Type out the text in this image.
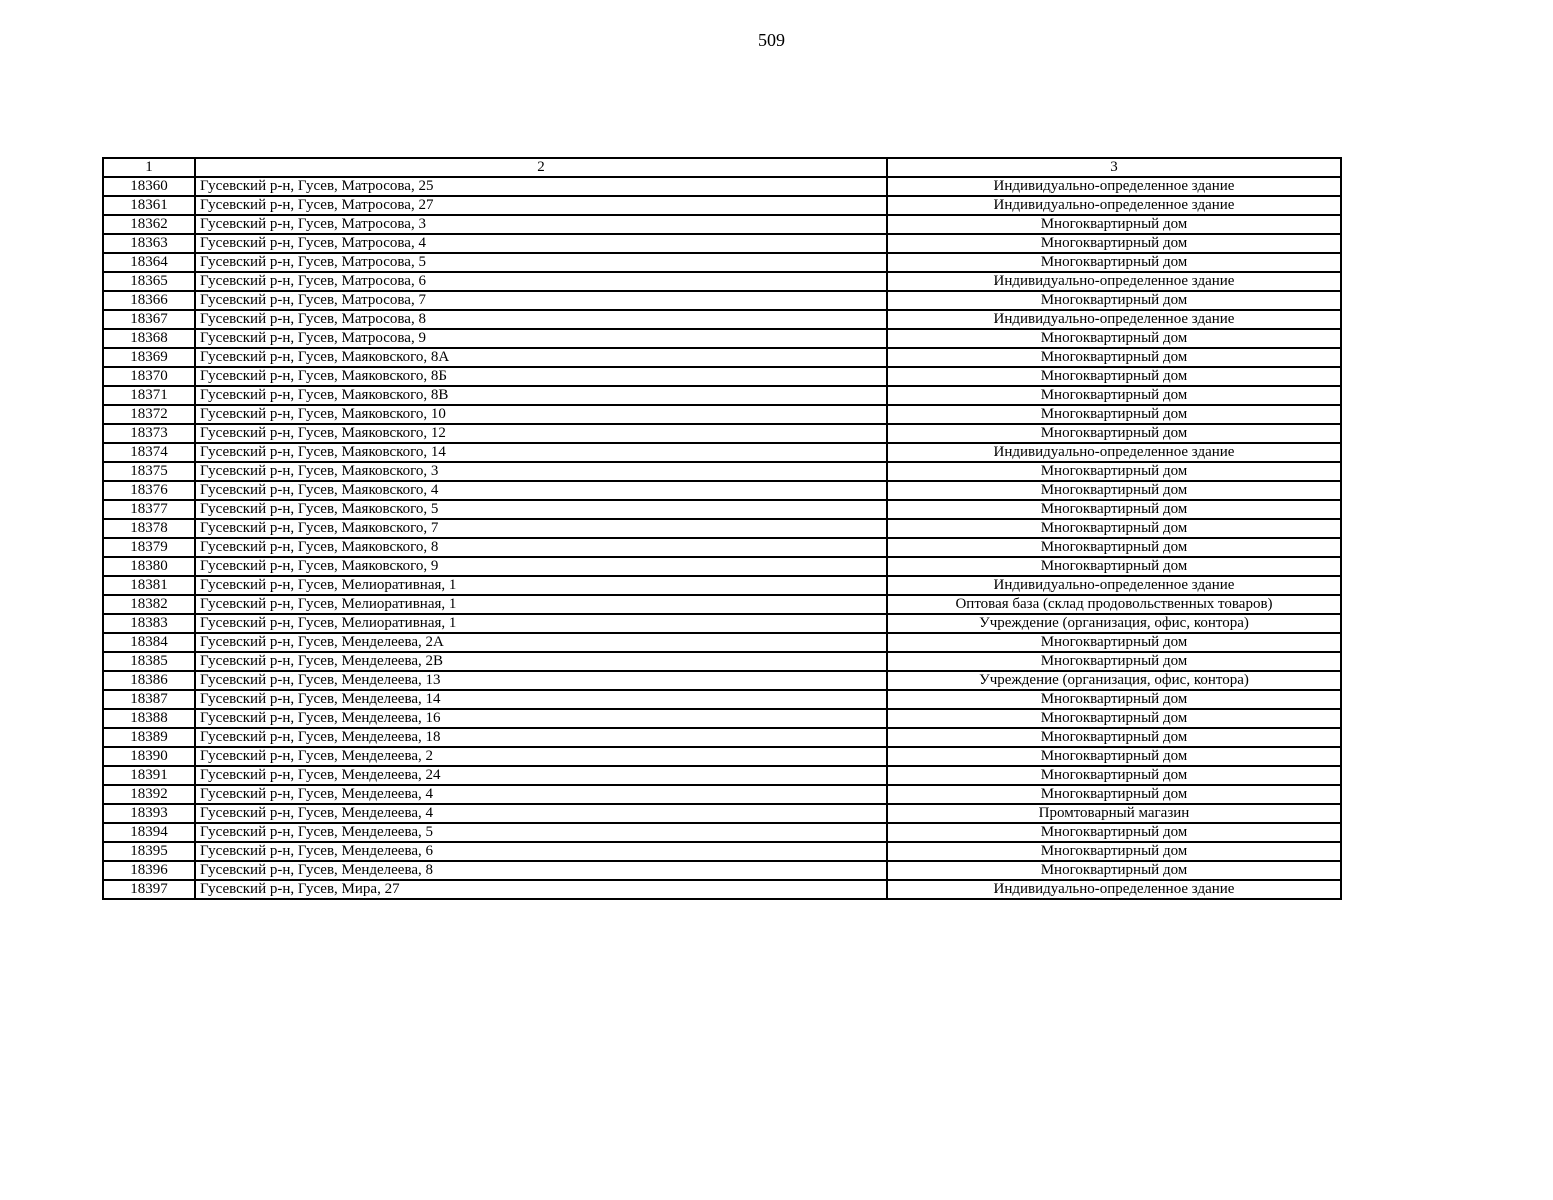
509
1	2	3
18360	Гусевский р-н, Гусев, Матросова, 25	Индивидуально-определенное здание
18361	Гусевский р-н, Гусев, Матросова, 27	Индивидуально-определенное здание
18362	Гусевский р-н, Гусев, Матросова, 3	Многоквартирный дом
18363	Гусевский р-н, Гусев, Матросова, 4	Многоквартирный дом
18364	Гусевский р-н, Гусев, Матросова, 5	Многоквартирный дом
18365	Гусевский р-н, Гусев, Матросова, 6	Индивидуально-определенное здание
18366	Гусевский р-н, Гусев, Матросова, 7	Многоквартирный дом
18367	Гусевский р-н, Гусев, Матросова, 8	Индивидуально-определенное здание
18368	Гусевский р-н, Гусев, Матросова, 9	Многоквартирный дом
18369	Гусевский р-н, Гусев, Маяковского, 8А	Многоквартирный дом
18370	Гусевский р-н, Гусев, Маяковского, 8Б	Многоквартирный дом
18371	Гусевский р-н, Гусев, Маяковского, 8В	Многоквартирный дом
18372	Гусевский р-н, Гусев, Маяковского, 10	Многоквартирный дом
18373	Гусевский р-н, Гусев, Маяковского, 12	Многоквартирный дом
18374	Гусевский р-н, Гусев, Маяковского, 14	Индивидуально-определенное здание
18375	Гусевский р-н, Гусев, Маяковского, 3	Многоквартирный дом
18376	Гусевский р-н, Гусев, Маяковского, 4	Многоквартирный дом
18377	Гусевский р-н, Гусев, Маяковского, 5	Многоквартирный дом
18378	Гусевский р-н, Гусев, Маяковского, 7	Многоквартирный дом
18379	Гусевский р-н, Гусев, Маяковского, 8	Многоквартирный дом
18380	Гусевский р-н, Гусев, Маяковского, 9	Многоквартирный дом
18381	Гусевский р-н, Гусев, Мелиоративная, 1	Индивидуально-определенное здание
18382	Гусевский р-н, Гусев, Мелиоративная, 1	Оптовая база (склад продовольственных товаров)
18383	Гусевский р-н, Гусев, Мелиоративная, 1	Учреждение (организация, офис, контора)
18384	Гусевский р-н, Гусев, Менделеева, 2А	Многоквартирный дом
18385	Гусевский р-н, Гусев, Менделеева, 2В	Многоквартирный дом
18386	Гусевский р-н, Гусев, Менделеева, 13	Учреждение (организация, офис, контора)
18387	Гусевский р-н, Гусев, Менделеева, 14	Многоквартирный дом
18388	Гусевский р-н, Гусев, Менделеева, 16	Многоквартирный дом
18389	Гусевский р-н, Гусев, Менделеева, 18	Многоквартирный дом
18390	Гусевский р-н, Гусев, Менделеева, 2	Многоквартирный дом
18391	Гусевский р-н, Гусев, Менделеева, 24	Многоквартирный дом
18392	Гусевский р-н, Гусев, Менделеева, 4	Многоквартирный дом
18393	Гусевский р-н, Гусев, Менделеева, 4	Промтоварный магазин
18394	Гусевский р-н, Гусев, Менделеева, 5	Многоквартирный дом
18395	Гусевский р-н, Гусев, Менделеева, 6	Многоквартирный дом
18396	Гусевский р-н, Гусев, Менделеева, 8	Многоквартирный дом
18397	Гусевский р-н, Гусев, Мира, 27	Индивидуально-определенное здание
